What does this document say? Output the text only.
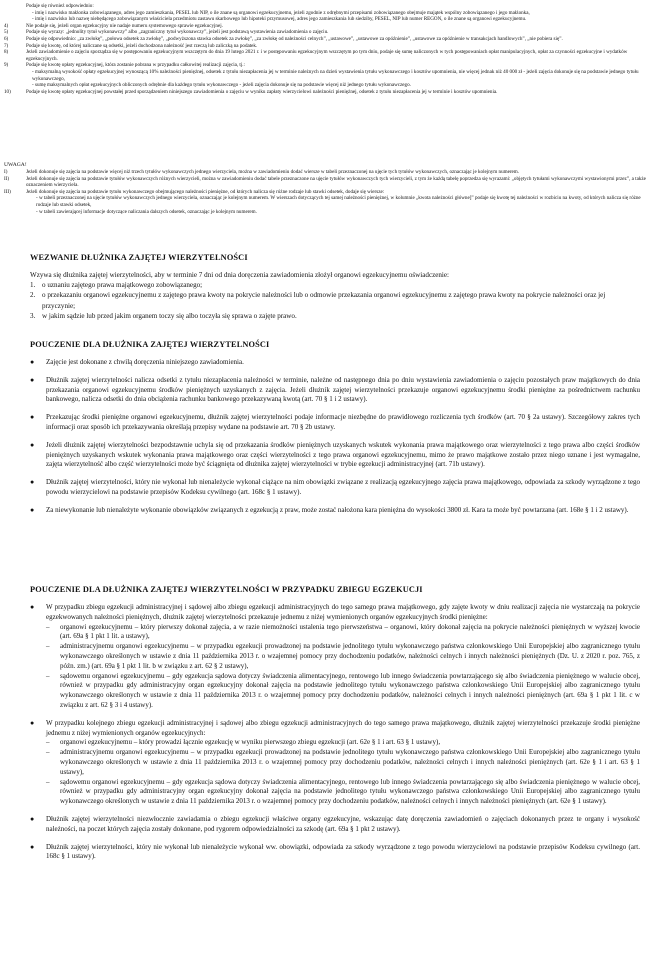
Podaje się również odpowiednio:
- imię i nazwisko małżonka zobowiązanego, adres jego zamieszkania, PESEL lub NIP, o ile znane są organowi egzekucyjnemu, jeżeli zgodnie z odrębnymi przepisami zobowiązanego obejmuje majątek wspólny zobowiązanego i jego małżonka,
- imię i nazwisko lub nazwę niebędącego zobowiązanym właściciela przedmiotu zastawu skarbowego lub hipoteki przymusowej, adres jego zamieszkania lub siedziby, PESEL, NIP lub numer REGON, o ile znane są organowi egzekucyjnemu.
4)	Nie podaje się, jeżeli organ egzekucyjny nie nadaje numeru systemowego sprawie egzekucyjnej.
5)	Podaje się wyrazy: „jednolity tytuł wykonawczy” albo „zagraniczny tytuł wykonawczy”, jeżeli jest podstawą wystawienia zawiadomienia o zajęciu.
6)	Podaje się odpowiednio: „za zwłokę”, „połowa odsetek za zwłokę”, „podwyższona stawka odsetek za zwłokę”, „za zwłokę od należności celnych”, „ustawowe”, „ustawowe za opóźnienie”, „ustawowe za opóźnienie w transakcjach handlowych”, „nie pobiera się”.
7)	Podaje się kwotę, od której naliczane są odsetki, jeżeli dochodzona należność jest rzeczą lub zaliczką na podatek.
8)	Jeżeli zawiadomienie o zajęciu sporządza się w postępowaniu egzekucyjnym wszczętym do dnia 19 lutego 2021 r. i w postępowaniu egzekucyjnym wszczętym po tym dniu, podaje się sumę naliczonych w tych postępowaniach opłat manipulacyjnych, opłat za czynności egzekucyjne i wydatków egzekucyjnych.
9)	Podaje się kwotę opłaty egzekucyjnej, która zostanie pobrana w przypadku całkowitej realizacji zajęcia, tj.:
- maksymalną wysokość opłaty egzekucyjnej wynoszącą 10% należności pieniężnej, odsetek z tytułu niezapłacenia jej w terminie należnych na dzień wystawienia tytułu wykonawczego i kosztów upomnienia, nie więcej jednak niż 40 000 zł - jeżeli zajęcia dokonuje się na podstawie jednego tytułu wykonawczego,
- sumę maksymalnych opłat egzekucyjnych obliczonych odrębnie dla każdego tytułu wykonawczego - jeżeli zajęcia dokonuje się na podstawie więcej niż jednego tytułu wykonawczego.
10)	Podaje się kwotę opłaty egzekucyjnej powstałej przed sporządzeniem niniejszego zawiadomienia o zajęciu w wyniku zapłaty wierzycielowi należności pieniężnej, odsetek z tytułu niezapłacenia jej w terminie i kosztów upomnienia.
UWAGA!
I)	Jeżeli dokonuje się zajęcia na podstawie więcej niż trzech tytułów wykonawczych jednego wierzyciela, można w zawiadomieniu dodać wiersze w tabeli przeznaczonej na ujęcie tych tytułów wykonawczych, oznaczając je kolejnym numerem.
II)	Jeżeli dokonuje się zajęcia na podstawie tytułów wykonawczych różnych wierzycieli, można w zawiadomieniu dodać tabele przeznaczone na ujęcie tytułów wykonawczych tych wierzycieli, z tym że każdą tabelę poprzedza się wyrazami: „objętych tytułami wykonawczymi wystawionymi przez”, a także oznaczeniem wierzyciela.
III)	Jeżeli dokonuje się zajęcia na podstawie tytułu wykonawczego obejmującego należności pieniężne, od których nalicza się różne rodzaje lub stawki odsetek, dodaje się wiersze:
- w tabeli przeznaczonej na ujęcie tytułów wykonawczych jednego wierzyciela, oznaczając je kolejnym numerem. W wierszach dotyczących tej samej należności pieniężnej, w kolumnie „kwota należności główne]” podaje się kwotę tej należności w rozbiciu na kwoty, od których nalicza się różne rodzaje lub stawki odsetek,
- w tabeli zawierającej informacje dotyczące naliczania dalszych odsetek, oznaczając je kolejnym numerem.
WEZWANIE DŁUŻNIKA ZAJĘTEJ WIERZYTELNOŚCI
Wzywa się dłużnika zajętej wierzytelności, aby w terminie 7 dni od dnia doręczenia zawiadomienia złożył organowi egzekucyjnemu oświadczenie:
1. o uznaniu zajętego prawa majątkowego zobowiązanego;
2. o przekazaniu organowi egzekucyjnemu z zajętego prawa kwoty na pokrycie należności lub o odmowie przekazania organowi egzekucyjnemu z zajętego prawa kwoty na pokrycie należności oraz jej przyczynie;
3. w jakim sądzie lub przed jakim organem toczy się albo toczyła się sprawa o zajęte prawo.
POUCZENIE DLA DŁUŻNIKA ZAJĘTEJ WIERZYTELNOŚCI
●	Zajęcie jest dokonane z chwilą doręczenia niniejszego zawiadomienia.
●	Dłużnik zajętej wierzytelności nalicza odsetki z tytułu niezapłacenia należności w terminie, należne od następnego dnia po dniu wystawienia zawiadomienia o zajęciu pozostałych praw majątkowych do dnia przekazania organowi egzekucyjnemu środków pieniężnych uzyskanych z zajęcia. Jeżeli dłużnik zajętej wierzytelności przekazuje organowi egzekucyjnemu środki pieniężne za pośrednictwem rachunku bankowego, nalicza odsetki do dnia obciążenia rachunku bankowego przekazywaną kwotą (art. 70 § 1 i 2 ustawy).
●	Przekazując środki pieniężne organowi egzekucyjnemu, dłużnik zajętej wierzytelności podaje informacje niezbędne do prawidłowego rozliczenia tych środków (art. 70 § 2a ustawy). Szczegółowy zakres tych informacji oraz sposób ich przekazywania określają przepisy wydane na podstawie art. 70 § 2b ustawy.
●	Jeżeli dłużnik zajętej wierzytelności bezpodstawnie uchyla się od przekazania środków pieniężnych uzyskanych wskutek wykonania prawa majątkowego oraz wierzytelności z tego prawa albo części środków pieniężnych uzyskanych wskutek wykonania prawa majątkowego oraz części wierzytelności z tego prawa organowi egzekucyjnemu, mimo że prawo majątkowe zostało przez niego uznane i jest wymagalne, zajęta wierzytelność albo część wierzytelności może być ściągnięta od dłużnika zajętej wierzytelności w trybie egzekucji administracyjnej (art. 71b ustawy).
●	Dłużnik zajętej wierzytelności, który nie wykonał lub nienależycie wykonał ciążące na nim obowiązki związane z realizacją egzekucyjnego zajęcia prawa majątkowego, odpowiada za szkody wyrządzone z tego powodu wierzycielowi na podstawie przepisów Kodeksu cywilnego (art. 168c § 1 ustawy).
●	Za niewykonanie lub nienależyte wykonanie obowiązków związanych z egzekucją z praw, może zostać nałożona kara pieniężna do wysokości 3800 zł. Kara ta może być powtarzana (art. 168e § 1 i 2 ustawy).
POUCZENIE DLA DŁUŻNIKA ZAJĘTEJ WIERZYTELNOŚCI W PRZYPADKU ZBIEGU EGZEKUCJI
●	W przypadku zbiegu egzekucji administracyjnej i sądowej albo zbiegu egzekucji administracyjnych do tego samego prawa majątkowego, gdy zajęte kwoty w dniu realizacji zajęcia nie wystarczają na pokrycie egzekwowanych należności pieniężnych, dłużnik zajętej wierzytelności przekazuje jednemu z niżej wymienionych organów egzekucyjnych środki pieniężne:
–	organowi egzekucyjnemu – który pierwszy dokonał zajęcia, a w razie niemożności ustalenia tego pierwszeństwa – organowi, który dokonał zajęcia na pokrycie należności pieniężnych w wyższej kwocie (art. 69a § 1 pkt 1 lit. a ustawy),
–	administracyjnemu organowi egzekucyjnemu – w przypadku egzekucji prowadzonej na podstawie jednolitego tytułu wykonawczego państwa członkowskiego Unii Europejskiej albo zagranicznego tytułu wykonawczego określonych w ustawie z dnia 11 października 2013 r. o wzajemnej pomocy przy dochodzeniu podatków, należności celnych i innych należności pieniężnych (Dz. U. z 2020 r. poz. 765, z późn. zm.) (art. 69a § 1 pkt 1 lit. b w związku z art. 62 § 2 ustawy),
–	sądowemu organowi egzekucyjnemu – gdy egzekucja sądowa dotyczy świadczenia alimentacyjnego, rentowego lub innego świadczenia powtarzającego się albo świadczenia pieniężnego w walucie obcej, również w przypadku gdy administracyjny organ egzekucyjny dokonał zajęcia na podstawie jednolitego tytułu wykonawczego państwa członkowskiego Unii Europejskiej albo zagranicznego tytułu wykonawczego określonych w ustawie z dnia 11 października 2013 r. o wzajemnej pomocy przy dochodzeniu podatków, należności celnych i innych należności pieniężnych (art. 69a § 1 pkt 1 lit. c w związku z art. 62 § 3 i 4 ustawy).
●	W przypadku kolejnego zbiegu egzekucji administracyjnej i sądowej albo zbiegu egzekucji administracyjnych do tego samego prawa majątkowego, dłużnik zajętej wierzytelności przekazuje środki pieniężne jednemu z niżej wymienionych organów egzekucyjnych:
–	organowi egzekucyjnemu – który prowadzi łącznie egzekucję w wyniku pierwszego zbiegu egzekucji (art. 62e § 1 i art. 63 § 1 ustawy),
–	administracyjnemu organowi egzekucyjnemu – w przypadku egzekucji prowadzonej na podstawie jednolitego tytułu wykonawczego państwa członkowskiego Unii Europejskiej albo zagranicznego tytułu wykonawczego określonych w ustawie z dnia 11 października 2013 r. o wzajemnej pomocy przy dochodzeniu podatków, należności celnych i innych należności pieniężnych (art. 62e § 1 i art. 63 § 1 ustawy),
–	sądowemu organowi egzekucyjnemu – gdy egzekucja sądowa dotyczy świadczenia alimentacyjnego, rentowego lub innego świadczenia powtarzającego się albo świadczenia pieniężnego w walucie obcej, również w przypadku gdy administracyjny organ egzekucyjny dokonał zajęcia na podstawie jednolitego tytułu wykonawczego państwa członkowskiego Unii Europejskiej albo zagranicznego tytułu wykonawczego określonych w ustawie z dnia 11 października 2013 r. o wzajemnej pomocy przy dochodzeniu podatków, należności celnych i innych należności pieniężnych (art. 62e § 1 ustawy).
●	Dłużnik zajętej wierzytelności niezwłocznie zawiadamia o zbiegu egzekucji właściwe organy egzekucyjne, wskazując datę doręczenia zawiadomień o zajęciach dokonanych przez te organy i wysokość należności, na poczet których zajęcia zostały dokonane, pod rygorem odpowiedzialności za szkodę (art. 69a § 1 pkt 2 ustawy).
●	Dłużnik zajętej wierzytelności, który nie wykonał lub nienależycie wykonał ww. obowiązki, odpowiada za szkody wyrządzone z tego powodu wierzycielowi na podstawie przepisów Kodeksu cywilnego (art. 168c § 1 ustawy).
